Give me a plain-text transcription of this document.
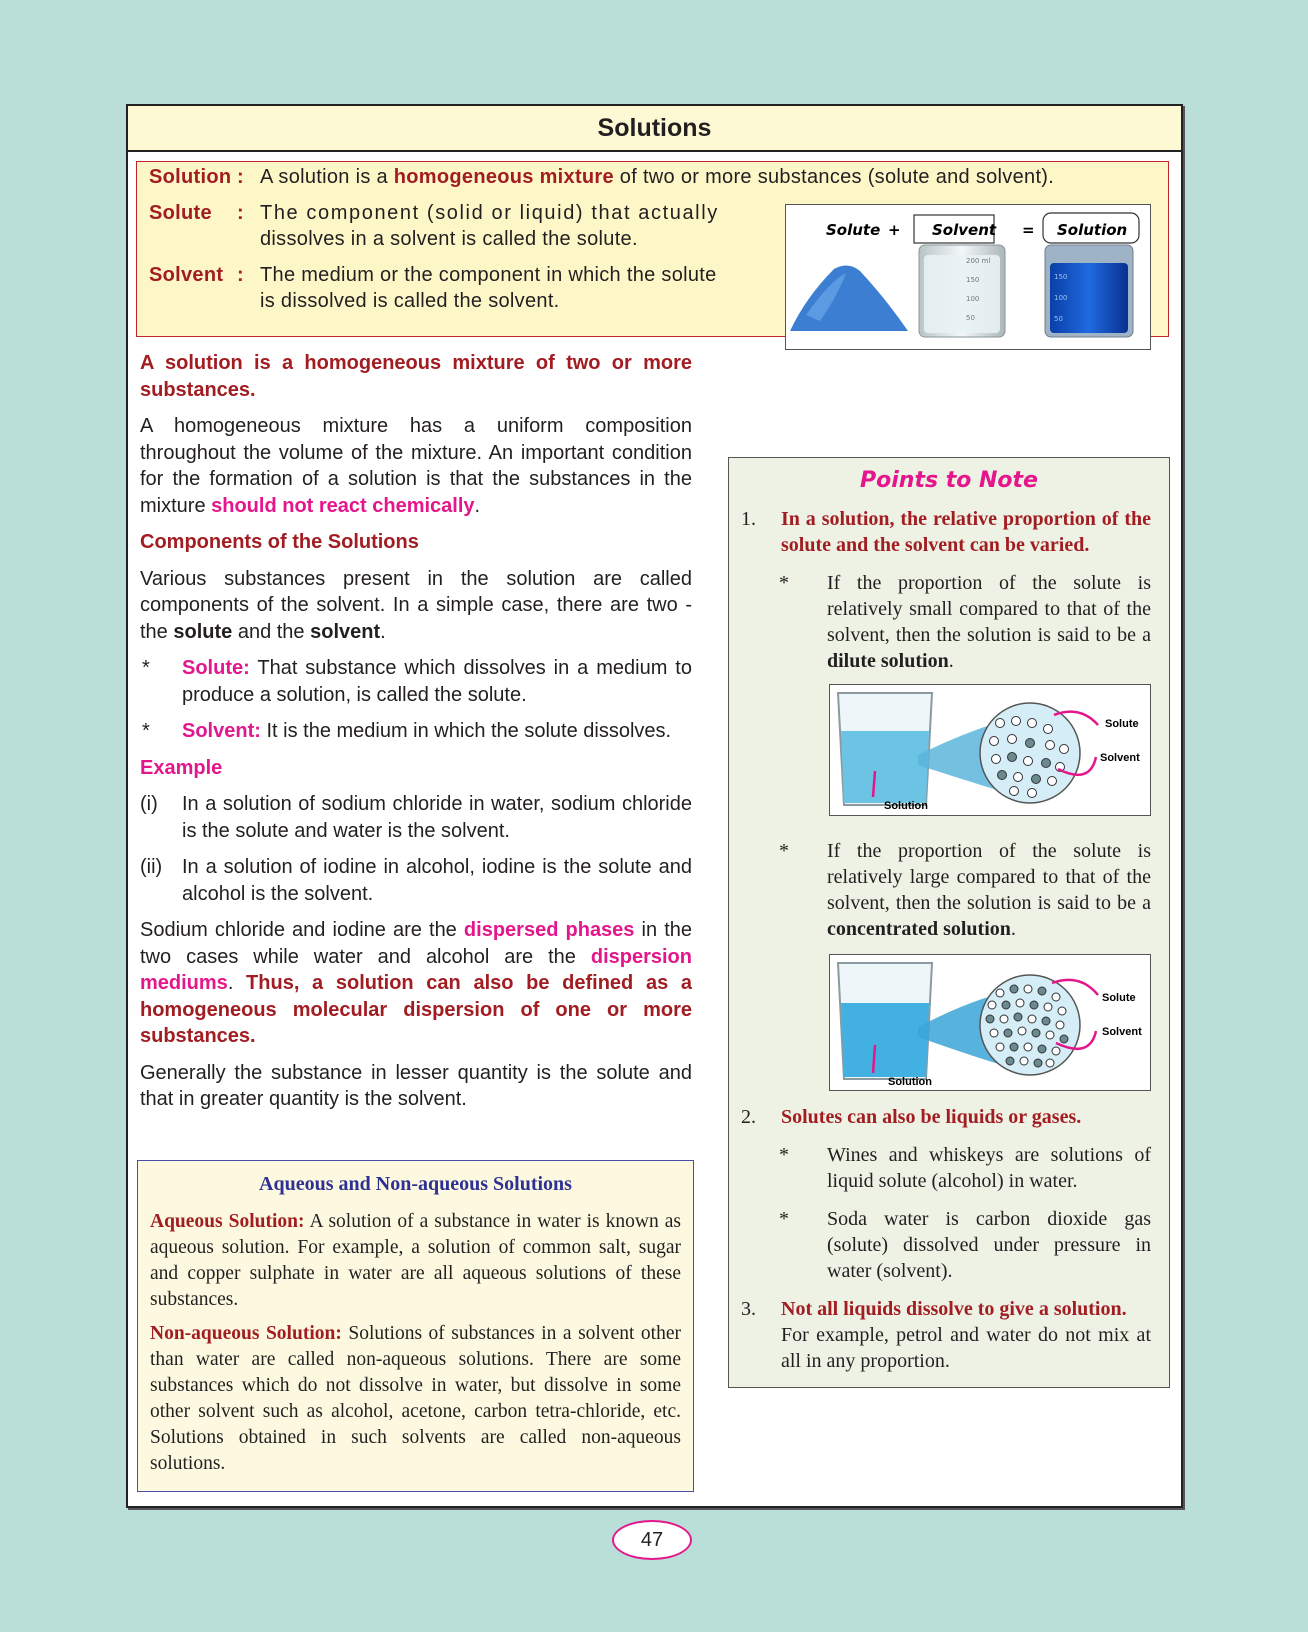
Solutions
Solution : A solution is a homogeneous mixture of two or more substances (solute and solvent).
Solute : The component (solid or liquid) that actually
dissolves in a solvent is called the solute.
Solvent : The medium or the component in which the solute
is dissolved is called the solvent.
Solute + Solvent = Solution
200 ml
150
100
50
150
100
50

A solution is a homogeneous mixture of two or more substances.

A homogeneous mixture has a uniform composition throughout the volume of the mixture. An important condition for the formation of a solution is that the substances in the mixture should not react chemically.

Components of the Solutions

Various substances present in the solution are called components of the solvent. In a simple case, there are two - the solute and the solvent.

* Solute: That substance which dissolves in a medium to produce a solution, is called the solute.
* Solvent: It is the medium in which the solute dissolves.

Example

(i) In a solution of sodium chloride in water, sodium chloride is the solute and water is the solvent.
(ii) In a solution of iodine in alcohol, iodine is the solute and alcohol is the solvent.

Sodium chloride and iodine are the dispersed phases in the two cases while water and alcohol are the dispersion mediums. Thus, a solution can also be defined as a homogeneous molecular dispersion of one or more substances.

Generally the substance in lesser quantity is the solute and that in greater quantity is the solvent.

Aqueous and Non-aqueous Solutions

Aqueous Solution: A solution of a substance in water is known as aqueous solution. For example, a solution of common salt, sugar and copper sulphate in water are all aqueous solutions of these substances.

Non-aqueous Solution: Solutions of substances in a solvent other than water are called non-aqueous solutions. There are some substances which do not dissolve in water, but dissolve in some other solvent such as alcohol, acetone, carbon tetra-chloride, etc. Solutions obtained in such solvents are called non-aqueous solutions.

Points to Note
1. In a solution, the relative proportion of the solute and the solvent can be varied.
* If the proportion of the solute is relatively small compared to that of the solvent, then the solution is said to be a dilute solution.
Solute
Solvent
Solution
* If the proportion of the solute is relatively large compared to that of the solvent, then the solution is said to be a concentrated solution.
Solute
Solvent
Solution
2. Solutes can also be liquids or gases.
* Wines and whiskeys are solutions of liquid solute (alcohol) in water.
* Soda water is carbon dioxide gas (solute) dissolved under pressure in water (solvent).
3. Not all liquids dissolve to give a solution.
For example, petrol and water do not mix at all in any proportion.
47
